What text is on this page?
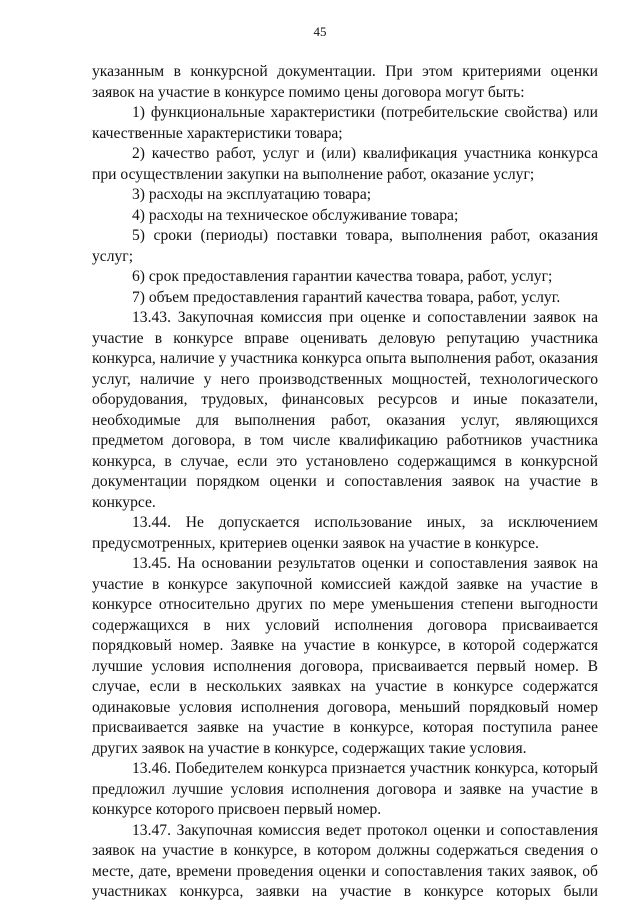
45

указанным в конкурсной документации. При этом критериями оценки заявок на участие в конкурсе помимо цены договора могут быть:

1) функциональные характеристики (потребительские свойства) или качественные характеристики товара;

2) качество работ, услуг и (или) квалификация участника конкурса при осуществлении закупки на выполнение работ, оказание услуг;

3) расходы на эксплуатацию товара;

4) расходы на техническое обслуживание товара;

5) сроки (периоды) поставки товара, выполнения работ, оказания услуг;

6) срок предоставления гарантии качества товара, работ, услуг;

7) объем предоставления гарантий качества товара, работ, услуг.

13.43. Закупочная комиссия при оценке и сопоставлении заявок на участие в конкурсе вправе оценивать деловую репутацию участника конкурса, наличие у участника конкурса опыта выполнения работ, оказания услуг, наличие у него производственных мощностей, технологического оборудования, трудовых, финансовых ресурсов и иные показатели, необходимые для выполнения работ, оказания услуг, являющихся предметом договора, в том числе квалификацию работников участника конкурса, в случае, если это установлено содержащимся в конкурсной документации порядком оценки и сопоставления заявок на участие в конкурсе.

13.44. Не допускается использование иных, за исключением предусмотренных, критериев оценки заявок на участие в конкурсе.

13.45. На основании результатов оценки и сопоставления заявок на участие в конкурсе закупочной комиссией каждой заявке на участие в конкурсе относительно других по мере уменьшения степени выгодности содержащихся в них условий исполнения договора присваивается порядковый номер. Заявке на участие в конкурсе, в которой содержатся лучшие условия исполнения договора, присваивается первый номер. В случае, если в нескольких заявках на участие в конкурсе содержатся одинаковые условия исполнения договора, меньший порядковый номер присваивается заявке на участие в конкурсе, которая поступила ранее других заявок на участие в конкурсе, содержащих такие условия.

13.46. Победителем конкурса признается участник конкурса, который предложил лучшие условия исполнения договора и заявке на участие в конкурсе которого присвоен первый номер.

13.47. Закупочная комиссия ведет протокол оценки и сопоставления заявок на участие в конкурсе, в котором должны содержаться сведения о месте, дате, времени проведения оценки и сопоставления таких заявок, об участниках конкурса, заявки на участие в конкурсе которых были
